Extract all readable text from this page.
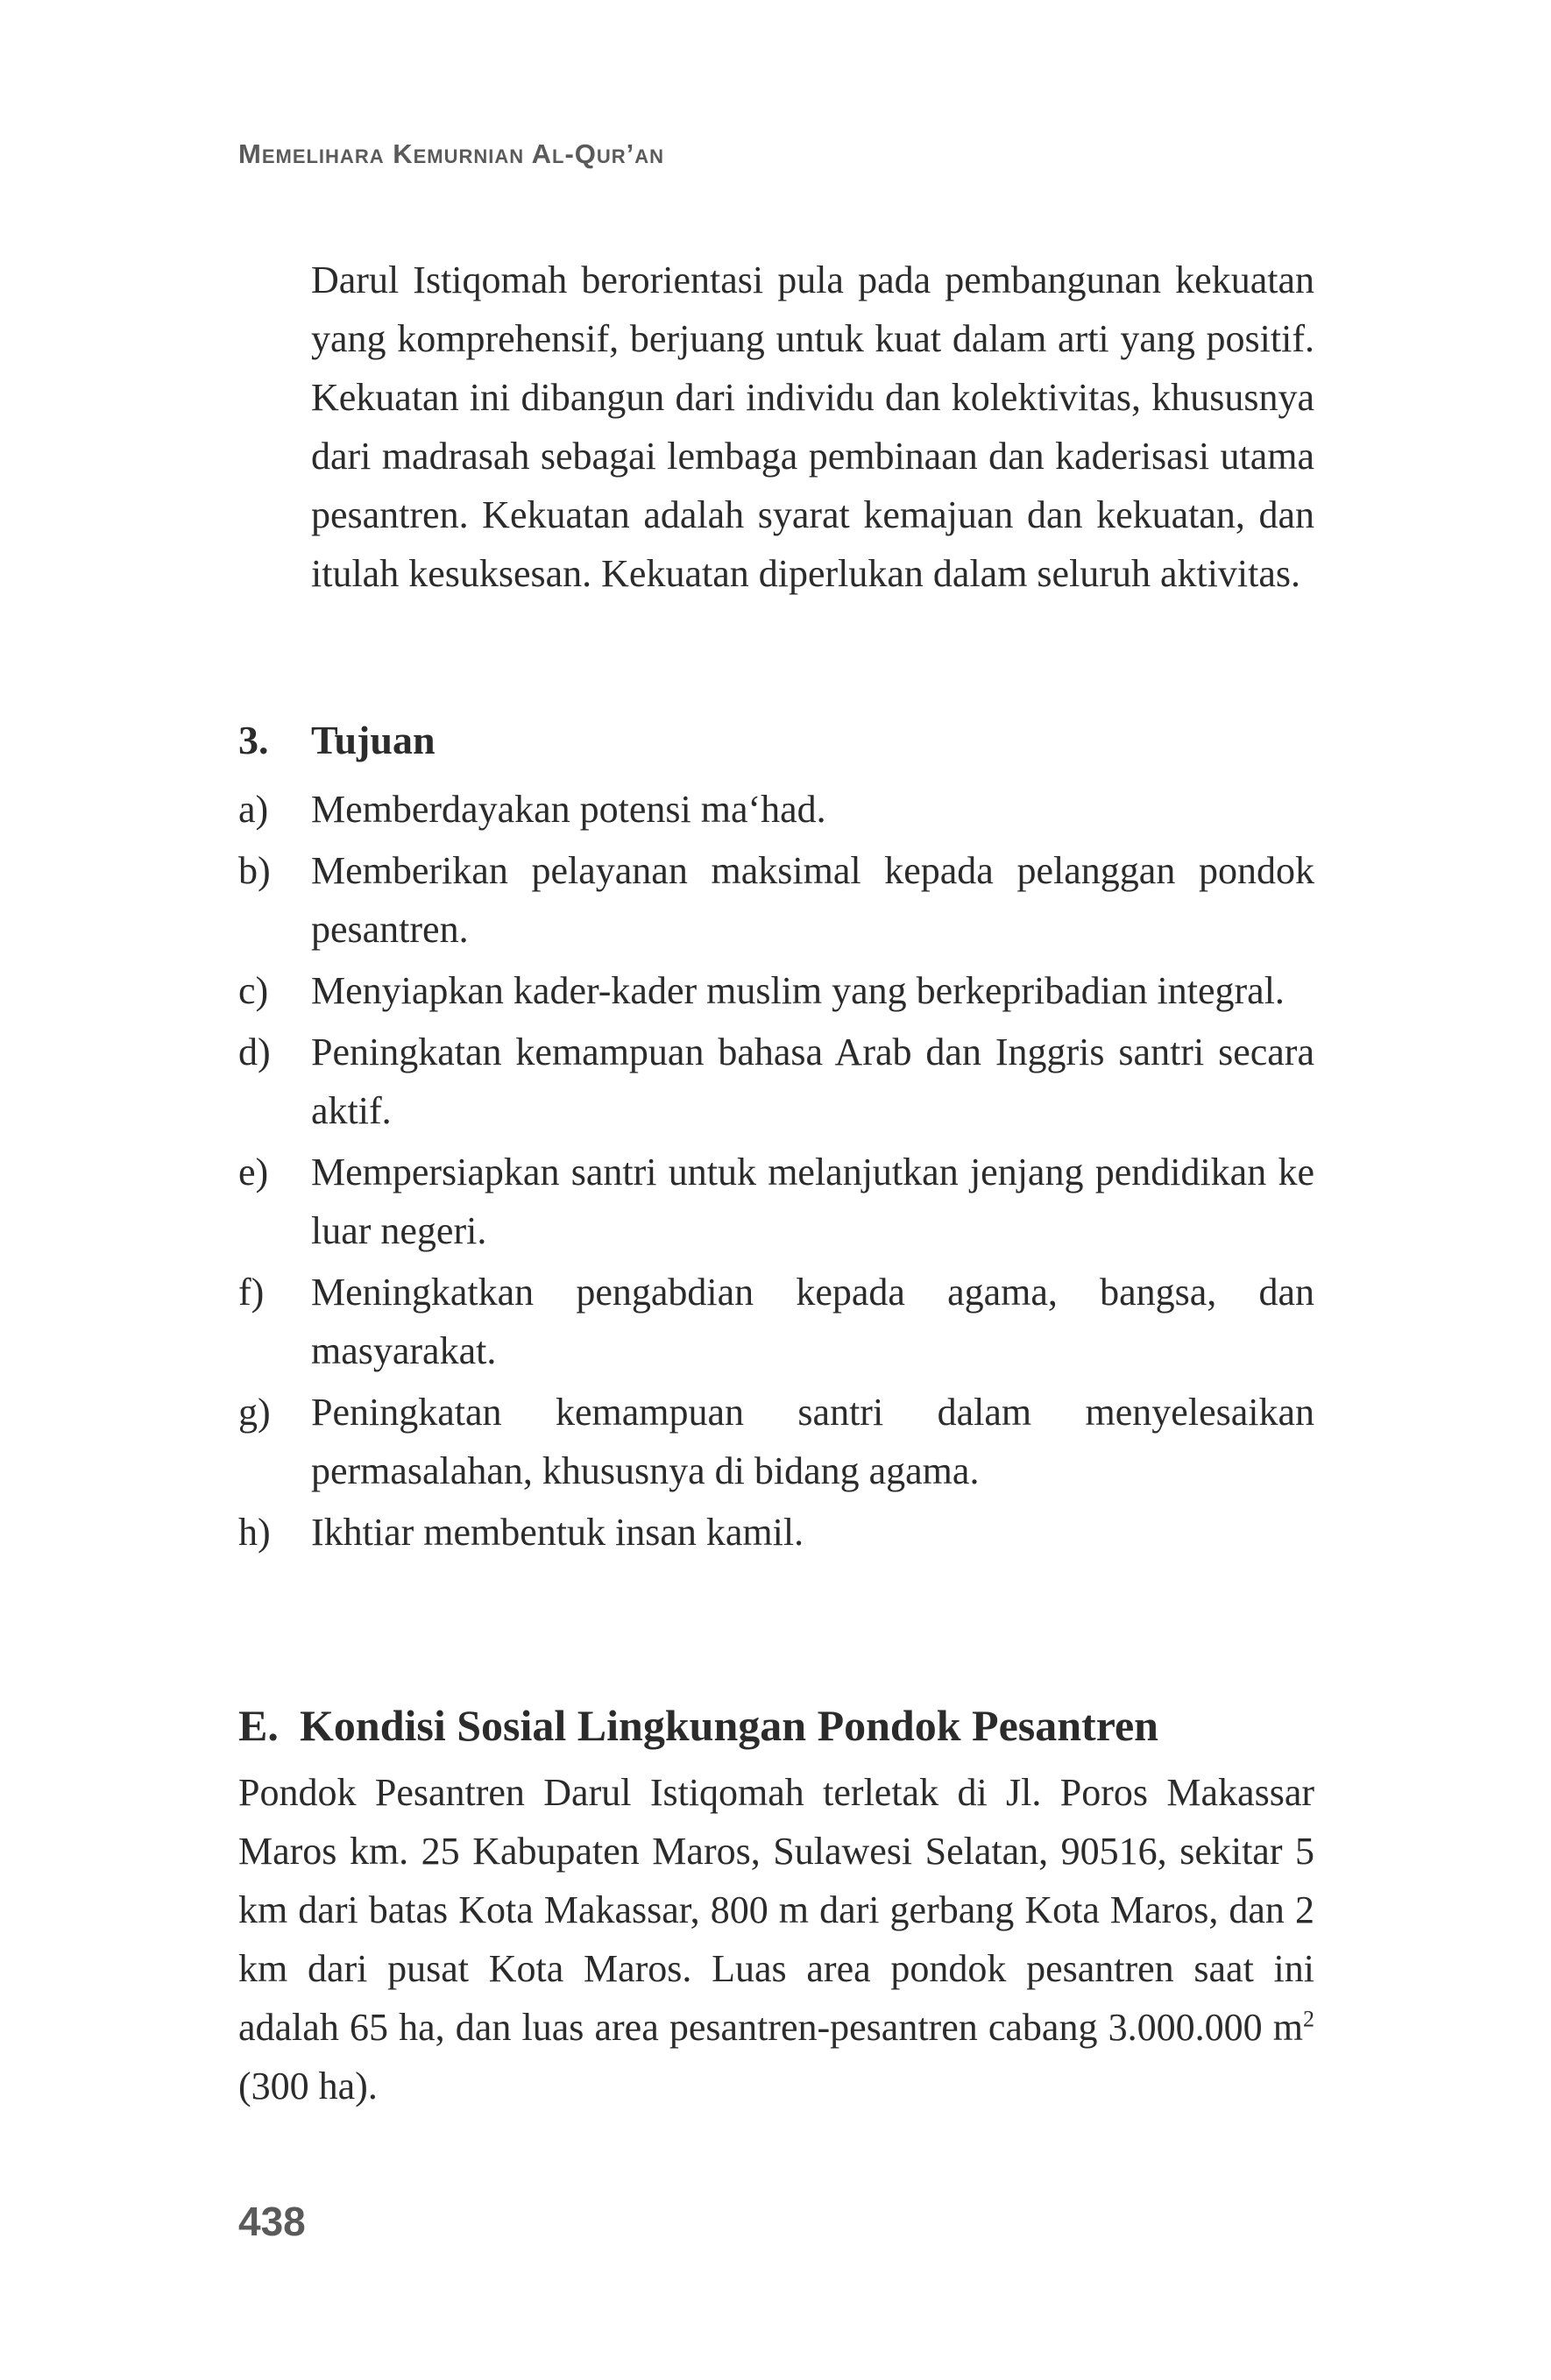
Memelihara Kemurnian Al-Qur’an

Darul Istiqomah berorientasi pula pada pembangunan kekuatan yang komprehensif, berjuang untuk kuat dalam arti yang positif. Kekuatan ini dibangun dari individu dan kolektivitas, khususnya dari madrasah sebagai lembaga pembinaan dan kaderisasi utama pesantren. Kekuatan adalah syarat kemajuan dan kekuatan, dan itulah kesuksesan. Kekuatan diperlukan dalam seluruh aktivitas.

3. Tujuan
a) Memberdayakan potensi ma‘had.
b) Memberikan pelayanan maksimal kepada pelanggan pondok pesantren.
c) Menyiapkan kader-kader muslim yang berkepribadian integral.
d) Peningkatan kemampuan bahasa Arab dan Inggris santri secara aktif.
e) Mempersiapkan santri untuk melanjutkan jenjang pendidikan ke luar negeri.
f) Meningkatkan pengabdian kepada agama, bangsa, dan masyarakat.
g) Peningkatan kemampuan santri dalam menyelesaikan permasalahan, khususnya di bidang agama.
h) Ikhtiar membentuk insan kamil.
E. Kondisi Sosial Lingkungan Pondok Pesantren

Pondok Pesantren Darul Istiqomah terletak di Jl. Poros Makassar Maros km. 25 Kabupaten Maros, Sulawesi Selatan, 90516, sekitar 5 km dari batas Kota Makassar, 800 m dari gerbang Kota Maros, dan 2 km dari pusat Kota Maros. Luas area pondok pesantren saat ini adalah 65 ha, dan luas area pesantren-pesantren cabang 3.000.000 $m^2$ (300 ha).

438
